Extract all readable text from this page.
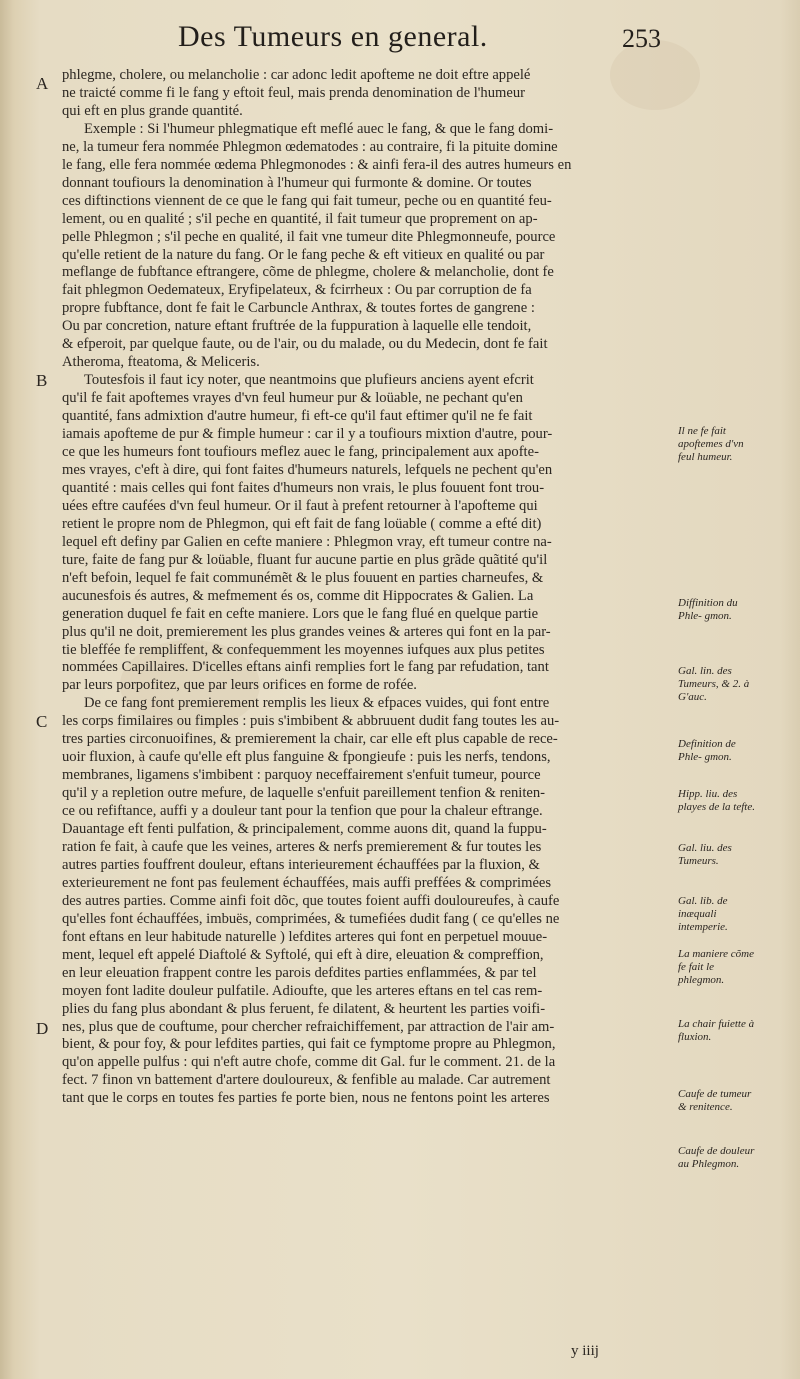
Des Tumeurs en general.	253
A
B
C
D
phlegme, cholere, ou melancholie : car adonc ledit apofteme ne doit eftre appelé
ne traicté comme fi le fang y eftoit feul, mais prenda denomination de l'humeur
qui eft en plus grande quantité.
Exemple : Si l'humeur phlegmatique eft meflé auec le fang, & que le fang domi-
ne, la tumeur fera nommée Phlegmon œdematodes : au contraire, fi la pituite domine
le fang, elle fera nommée œdema Phlegmonodes : & ainfi fera-il des autres humeurs en
donnant toufiours la denomination à l'humeur qui furmonte & domine. Or toutes
ces diftinctions viennent de ce que le fang qui fait tumeur, peche ou en quantité feu-
lement, ou en qualité ; s'il peche en quantité, il fait tumeur que proprement on ap-
pelle Phlegmon ; s'il peche en qualité, il fait vne tumeur dite Phlegmonneufe, pource
qu'elle retient de la nature du fang. Or le fang peche & eft vitieux en qualité ou par
meflange de fubftance eftrangere, cõme de phlegme, cholere & melancholie, dont fe
fait phlegmon Oedemateux, Eryfipelateux, & fcirrheux : Ou par corruption de fa
propre fubftance, dont fe fait le Carbuncle Anthrax, & toutes fortes de gangrene :
Ou par concretion, nature eftant fruftrée de la fuppuration à laquelle elle tendoit,
& efperoit, par quelque faute, ou de l'air, ou du malade, ou du Medecin, dont fe fait
Atheroma, fteatoma, & Meliceris.
Toutesfois il faut icy noter, que neantmoins que plufieurs anciens ayent efcrit
qu'il fe fait apoftemes vrayes d'vn feul humeur pur & loüable, ne pechant qu'en
quantité, fans admixtion d'autre humeur, fi eft-ce qu'il faut eftimer qu'il ne fe fait
iamais apofteme de pur & fimple humeur : car il y a toufiours mixtion d'autre, pour-
ce que les humeurs font toufiours meflez auec le fang, principalement aux apofte-
mes vrayes, c'eft à dire, qui font faites d'humeurs naturels, lefquels ne pechent qu'en
quantité : mais celles qui font faites d'humeurs non vrais, le plus fouuent font trou-
uées eftre caufées d'vn feul humeur. Or il faut à prefent retourner à l'apofteme qui
retient le propre nom de Phlegmon, qui eft fait de fang loüable ( comme a efté dit)
lequel eft definy par Galien en cefte maniere : Phlegmon vray, eft tumeur contre na-
ture, faite de fang pur & loüable, fluant fur aucune partie en plus grãde quãtité qu'il
n'eft befoin, lequel fe fait communémẽt & le plus fouuent en parties charneufes, &
aucunesfois és autres, & mefmement és os, comme dit Hippocrates & Galien. La
generation duquel fe fait en cefte maniere. Lors que le fang flué en quelque partie
plus qu'il ne doit, premierement les plus grandes veines & arteres qui font en la par-
tie bleffée fe rempliffent, & confequemment les moyennes iufques aux plus petites
nommées Capillaires. D'icelles eftans ainfi remplies fort le fang par refudation, tant
par leurs porpofitez, que par leurs orifices en forme de rofée.
De ce fang font premierement remplis les lieux & efpaces vuides, qui font entre
les corps fimilaires ou fimples : puis s'imbibent & abbruuent dudit fang toutes les au-
tres parties circonuoifines, & premierement la chair, car elle eft plus capable de rece-
uoir fluxion, à caufe qu'elle eft plus fanguine & fpongieufe : puis les nerfs, tendons,
membranes, ligamens s'imbibent : parquoy neceffairement s'enfuit tumeur, pource
qu'il y a repletion outre mefure, de laquelle s'enfuit pareillement tenfion & reniten-
ce ou refiftance, auffi y a douleur tant pour la tenfion que pour la chaleur eftrange.
Dauantage eft fenti pulfation, & principalement, comme auons dit, quand la fuppu-
ration fe fait, à caufe que les veines, arteres & nerfs premierement & fur toutes les
autres parties fouffrent douleur, eftans interieurement échauffées par la fluxion, &
exterieurement ne font pas feulement échauffées, mais auffi preffées & comprimées
des autres parties. Comme ainfi foit dõc, que toutes foient auffi douloureufes, à caufe
qu'elles font échauffées, imbuës, comprimées, & tumefiées dudit fang ( ce qu'elles ne
font eftans en leur habitude naturelle ) lefdites arteres qui font en perpetuel mouue-
ment, lequel eft appelé Diaftolé & Syftolé, qui eft à dire, eleuation & compreffion,
en leur eleuation frappent contre les parois defdites parties enflammées, & par tel
moyen font ladite douleur pulfatile. Adioufte, que les arteres eftans en tel cas rem-
plies du fang plus abondant & plus feruent, fe dilatent, & heurtent les parties voifi-
nes, plus que de couftume, pour chercher refraichiffement, par attraction de l'air am-
bient, & pour foy, & pour lefdites parties, qui fait ce fymptome propre au Phlegmon,
qu'on appelle pulfus : qui n'eft autre chofe, comme dit Gal. fur le comment. 21. de la
fect. 7 finon vn battement d'artere douloureux, & fenfible au malade. Car autrement
tant que le corps en toutes fes parties fe porte bien, nous ne fentons point les arteres
Il ne fe fait apoftemes d'vn feul humeur.
Diffinition du Phle- gmon.
Gal. lin. des Tumeurs, & 2. à G'auc.
Definition de Phle- gmon.
Hipp. liu. des playes de la tefte.
Gal. liu. des Tumeurs.
Gal. lib. de inæquali intemperie.
La maniere cõme fe fait le phlegmon.
La chair fuiette à fluxion.
Caufe de tumeur & renitence.
Caufe de douleur au Phlegmon.
y iiij
